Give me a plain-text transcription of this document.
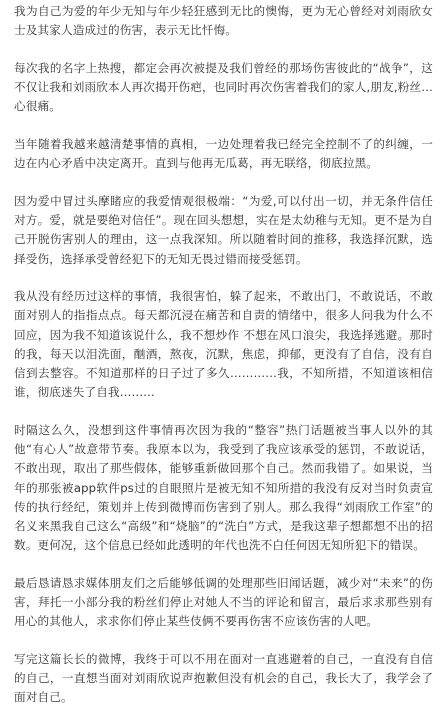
我为自己为爱的年少无知与年少轻狂感到无比的懊悔，更为无心曾经对刘雨欣女士及其家人造成过的伤害，表示无比忏悔。

每次我的名字上热搜，都定会再次被提及我们曾经的那场伤害彼此的“战争”，这不仅让我和刘雨欣本人再次揭开伤疤，也同时再次伤害着我们的家人,朋友,粉丝…心很痛。

当年随着我越来越清楚事情的真相，一边处理着我已经完全控制不了的纠缠，一边在内心矛盾中决定离开。直到与他再无瓜葛，再无联络，彻底拉黑。

因为爱中冒过头摩睹应的我爱情观很极端：“为爱,可以付出一切，并无条件信任对方。爱，就是要绝对信任”。现在回头想想，实在是太幼稚与无知。更不是为自己开脱伤害别人的理由，这一点我深知。所以随着时间的推移，我选择沉默，选择受伤，选择承受曾经犯下的无知无畏过错而接受惩罚。

我从没有经历过这样的事情，我很害怕，躲了起来，不敢出门，不敢说话，不敢面对别人的指指点点。每天都沉浸在痛苦和自责的情绪中，很多人问我为什么不回应，因为我不知道该说什么，我不想炒作 不想在风口浪尖，我选择逃避。那时的我，每天以泪洗面，酗酒，熬夜，沉默，焦虑，抑郁，更没有了自信，没有自信到去整容。不知道那样的日子过了多久…………我，不知所措，不知道该相信谁，彻底迷失了自我………

时隔这么久，没想到这件事情再次因为我的“整容”热门话题被当事人以外的其他“有心人”故意带节奏。我原本以为，我受到了我应该承受的惩罚，不敢说话，不敢出现，取出了那些假体，能够重新做回那个自己。然而我错了。如果说，当年的那张被app软件ps过的自眼照片是被无知不知所措的我没有反对当时负责宣传的执行经纪，策划并上传到微博而伤害到了别人。那么我得“刘雨欣工作室”的名义来黑我自己这么“高级”和“烧脑”的“洗白”方式，是我这辈子想都想不出的招数。更何况，这个信息已经如此透明的年代也洗不白任何因无知所犯下的错误。

最后恳请恳求媒体朋友们之后能够低调的处理那些旧闻话题，减少对“未来”的伤害，拜托一小部分我的粉丝们停止对她人不当的评论和留言，最后求求那些别有用心的其他人，求求你们停止某些伎俩不要再伤害不应该伤害的人吧。

写完这篇长长的微博，我终于可以不用在面对一直逃避着的自己，一直没有自信的自己，一直想当面对刘雨欣说声抱歉但没有机会的自己，我长大了，我学会了面对自己。
